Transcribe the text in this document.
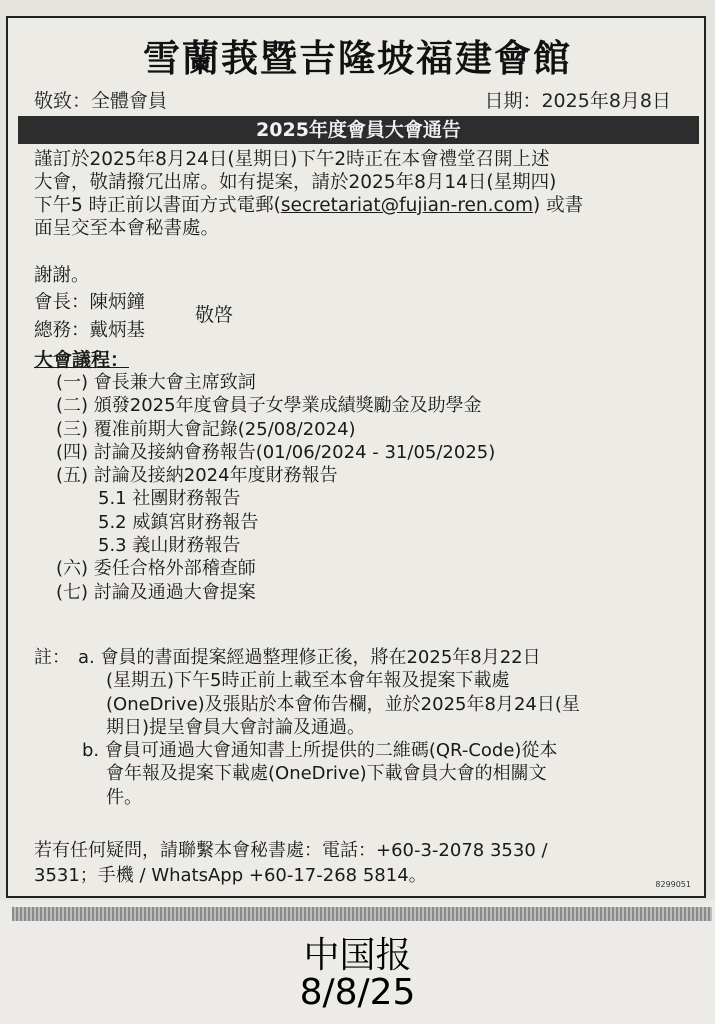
雪蘭莪暨吉隆坡福建會館
敬致：全體會員	日期：2025年8月8日
2025年度會員大會通告
謹訂於2025年8月24日(星期日)下午2時正在本會禮堂召開上述
大會，敬請撥冗出席。如有提案，請於2025年8月14日(星期四)
下午5 時正前以書面方式電郵(secretariat@fujian-ren.com) 或書
面呈交至本會秘書處。
謝謝。
會長：陳炳鐘
總務：戴炳基
敬啓
大會議程：
(一) 會長兼大會主席致詞
(二) 頒發2025年度會員子女學業成績獎勵金及助學金
(三) 覆准前期大會記錄(25/08/2024)
(四) 討論及接納會務報告(01/06/2024 - 31/05/2025)
(五) 討論及接納2024年度財務報告
5.1 社團財務報告
5.2 威鎮宮財務報告
5.3 義山財務報告
(六) 委任合格外部稽查師
(七) 討論及通過大會提案
註： a. 會員的書面提案經過整理修正後，將在2025年8月22日
(星期五)下午5時正前上載至本會年報及提案下載處
(OneDrive)及張貼於本會佈告欄，並於2025年8月24日(星
期日)提呈會員大會討論及通過。
b. 會員可通過大會通知書上所提供的二維碼(QR-Code)從本
會年報及提案下載處(OneDrive)下載會員大會的相關文
件。
若有任何疑問，請聯繫本會秘書處：電話：+60-3-2078 3530 /
3531；手機 / WhatsApp +60-17-268 5814。	8299051
中国报
8/8/25
